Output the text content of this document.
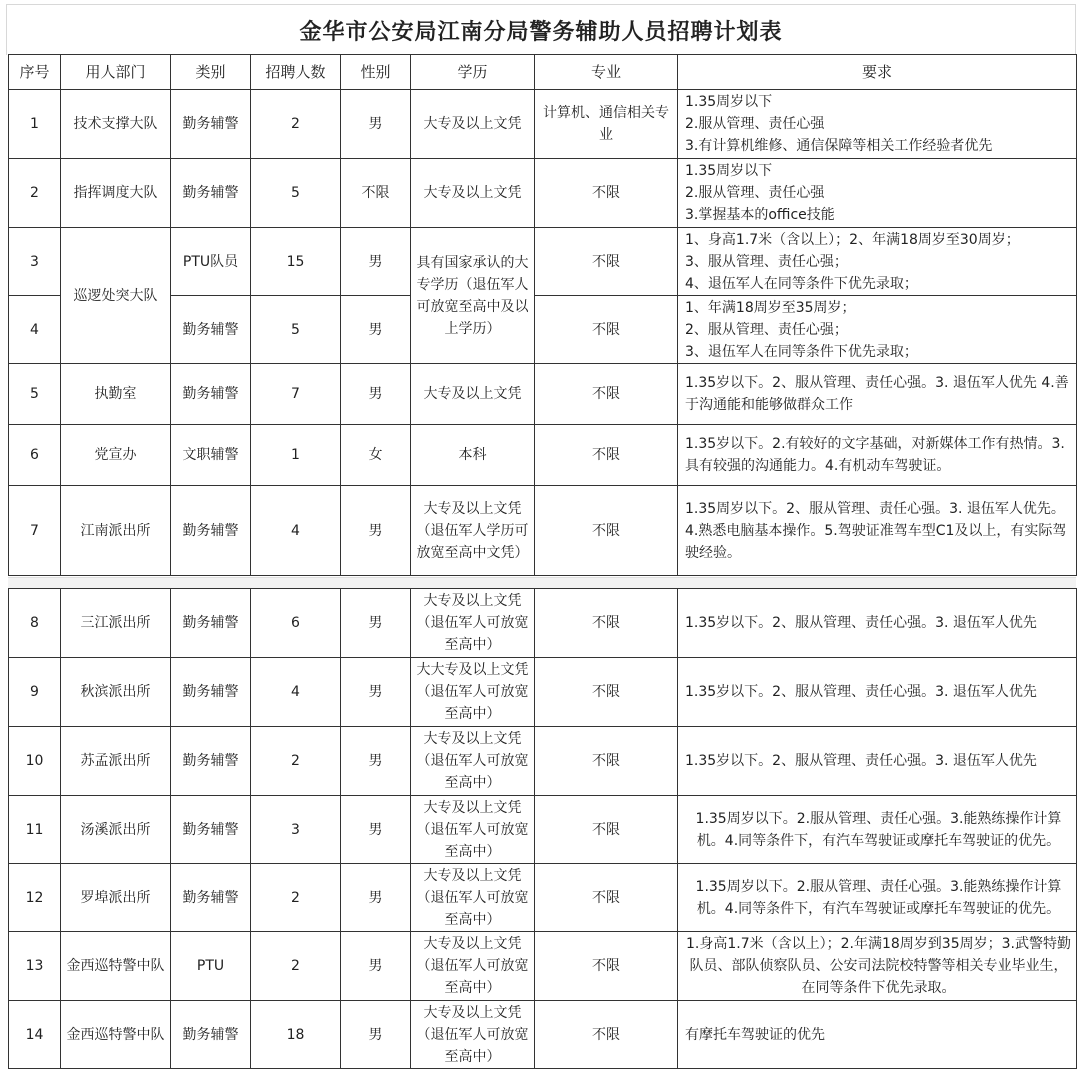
金华市公安局江南分局警务辅助人员招聘计划表
序号	用人部门	类别	招聘人数	性别	学历	专业	要求
1	技术支撑大队	勤务辅警	2	男	大专及以上文凭	计算机、通信相关专业	1.35周岁以下
2.服从管理、责任心强
3.有计算机维修、通信保障等相关工作经验者优先

2	指挥调度大队	勤务辅警	5	不限	大专及以上文凭	不限	1.35周岁以下
2.服从管理、责任心强
3.掌握基本的office技能

3	巡逻处突大队	PTU队员	15	男	具有国家承认的大专学历（退伍军人可放宽至高中及以上学历）	不限	1、身高1.7米（含以上）；2、年满18周岁至30周岁；
3、服从管理、责任心强；
4、退伍军人在同等条件下优先录取；

4		勤务辅警	5	男		不限	1、年满18周岁至35周岁；
2、服从管理、责任心强；
3、退伍军人在同等条件下优先录取；

5	执勤室	勤务辅警	7	男	大专及以上文凭	不限	1.35岁以下。2、服从管理、责任心强。3. 退伍军人优先 4.善于沟通能和能够做群众工作
6	党宣办	文职辅警	1	女	本科	不限	1.35岁以下。2.有较好的文字基础，对新媒体工作有热情。3.具有较强的沟通能力。4.有机动车驾驶证。
7	江南派出所	勤务辅警	4	男	大专及以上文凭（退伍军人学历可放宽至高中文凭）	不限	1.35周岁以下。2、服从管理、责任心强。3. 退伍军人优先。4.熟悉电脑基本操作。5.驾驶证准驾车型C1及以上，有实际驾驶经验。
8	三江派出所	勤务辅警	6	男	大专及以上文凭（退伍军人可放宽至高中）	不限	1.35岁以下。2、服从管理、责任心强。3. 退伍军人优先
9	秋滨派出所	勤务辅警	4	男	大大专及以上文凭（退伍军人可放宽至高中）	不限	1.35岁以下。2、服从管理、责任心强。3. 退伍军人优先
10	苏孟派出所	勤务辅警	2	男	大专及以上文凭（退伍军人可放宽至高中）	不限	1.35岁以下。2、服从管理、责任心强。3. 退伍军人优先
11	汤溪派出所	勤务辅警	3	男	大专及以上文凭（退伍军人可放宽至高中）	不限	1.35周岁以下。2.服从管理、责任心强。3.能熟练操作计算机。4.同等条件下，有汽车驾驶证或摩托车驾驶证的优先。
12	罗埠派出所	勤务辅警	2	男	大专及以上文凭（退伍军人可放宽至高中）	不限	1.35周岁以下。2.服从管理、责任心强。3.能熟练操作计算机。4.同等条件下，有汽车驾驶证或摩托车驾驶证的优先。
13	金西巡特警中队	PTU	2	男	大专及以上文凭（退伍军人可放宽至高中）	不限	1.身高1.7米（含以上）；2.年满18周岁到35周岁；3.武警特勤队员、部队侦察队员、公安司法院校特警等相关专业毕业生，在同等条件下优先录取。
14	金西巡特警中队	勤务辅警	18	男	大专及以上文凭（退伍军人可放宽至高中）	不限	有摩托车驾驶证的优先
